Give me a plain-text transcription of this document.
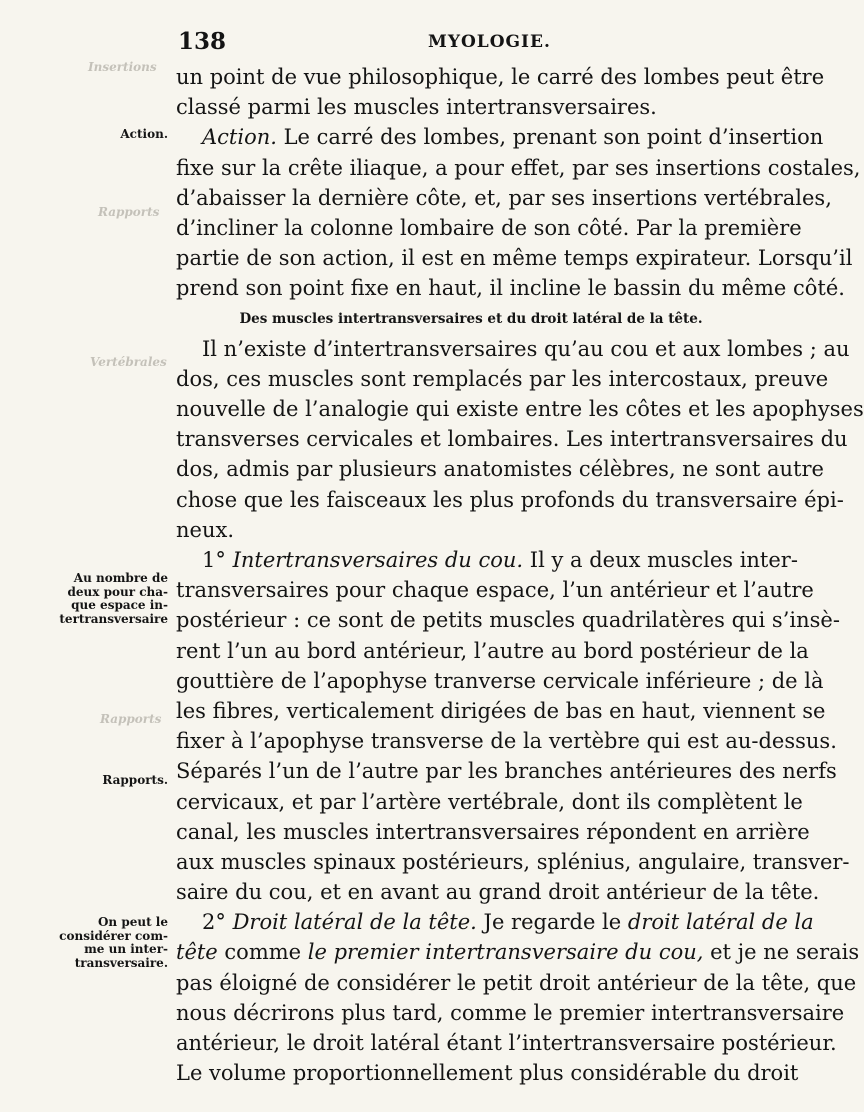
Insertions
Rapports
Vertébrales
Rapports
138	MYOLOGIE.
Action.
Au nombre de
deux pour cha-
que espace in-
tertransversaire
Rapports.
On peut le
considérer com-
me un inter-
transversaire.
un point de vue philosophique, le carré des lombes peut être
classé parmi les muscles intertransversaires.
Action. Le carré des lombes, prenant son point d’insertion
fixe sur la crête iliaque, a pour effet, par ses insertions costales,
d’abaisser la dernière côte, et, par ses insertions vertébrales,
d’incliner la colonne lombaire de son côté. Par la première
partie de son action, il est en même temps expirateur. Lorsqu’il
prend son point fixe en haut, il incline le bassin du même côté.
Des muscles intertransversaires et du droit latéral de la tête.
Il n’existe d’intertransversaires qu’au cou et aux lombes ; au
dos, ces muscles sont remplacés par les intercostaux, preuve
nouvelle de l’analogie qui existe entre les côtes et les apophyses
transverses cervicales et lombaires. Les intertransversaires du
dos, admis par plusieurs anatomistes célèbres, ne sont autre
chose que les faisceaux les plus profonds du transversaire épi-
neux.
1° Intertransversaires du cou. Il y a deux muscles inter-
transversaires pour chaque espace, l’un antérieur et l’autre
postérieur : ce sont de petits muscles quadrilatères qui s’insè-
rent l’un au bord antérieur, l’autre au bord postérieur de la
gouttière de l’apophyse tranverse cervicale inférieure ; de là
les fibres, verticalement dirigées de bas en haut, viennent se
fixer à l’apophyse transverse de la vertèbre qui est au-dessus.
Séparés l’un de l’autre par les branches antérieures des nerfs
cervicaux, et par l’artère vertébrale, dont ils complètent le
canal, les muscles intertransversaires répondent en arrière
aux muscles spinaux postérieurs, splénius, angulaire, transver-
saire du cou, et en avant au grand droit antérieur de la tête.
2° Droit latéral de la tête. Je regarde le droit latéral de la
tête comme le premier intertransversaire du cou, et je ne serais
pas éloigné de considérer le petit droit antérieur de la tête, que
nous décrirons plus tard, comme le premier intertransversaire
antérieur, le droit latéral étant l’intertransversaire postérieur.
Le volume proportionnellement plus considérable du droit
